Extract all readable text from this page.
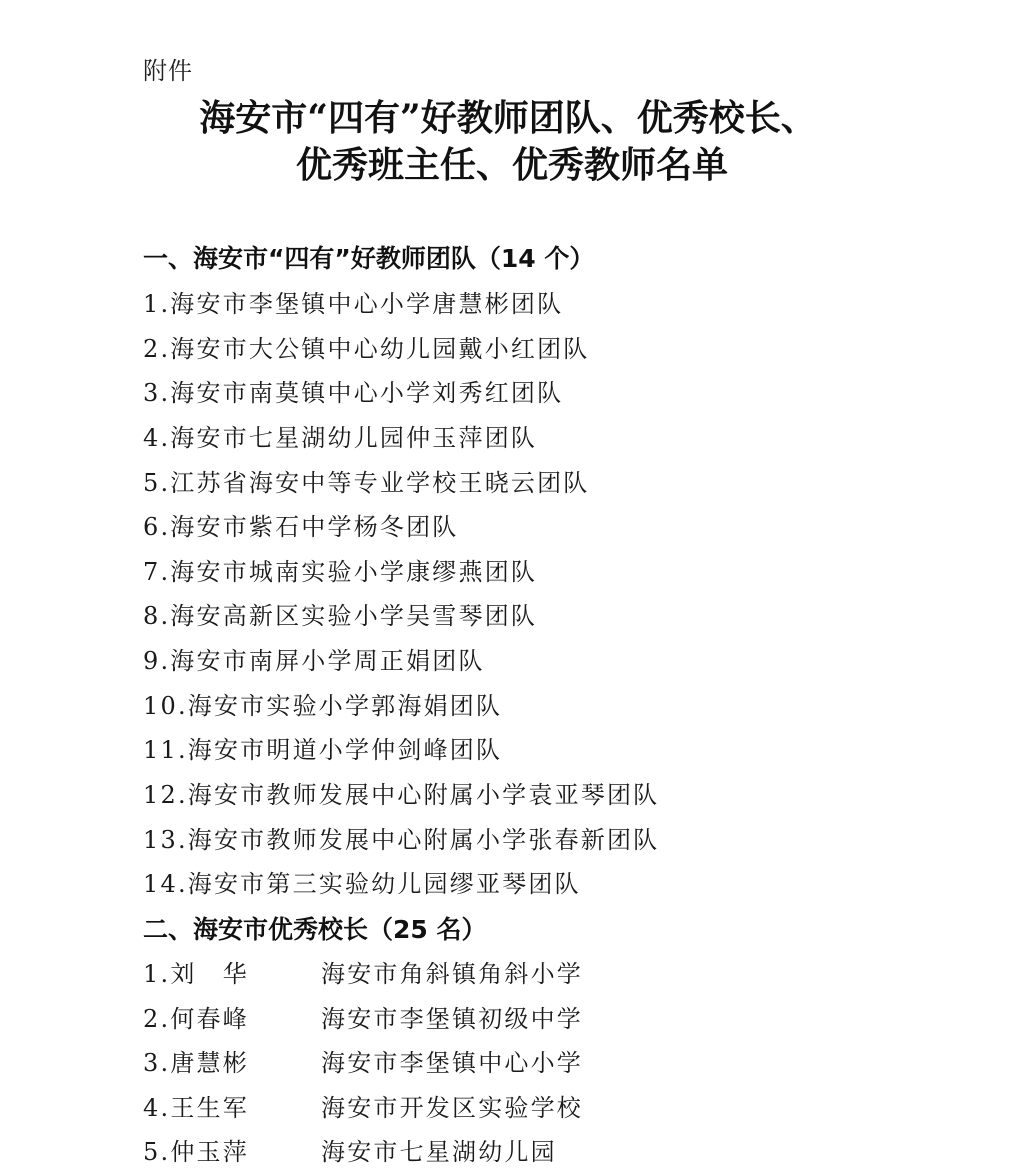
附件
海安市“四有”好教师团队、优秀校长、
优秀班主任、优秀教师名单
一、海安市“四有”好教师团队（14 个）
1.海安市李堡镇中心小学唐慧彬团队
2.海安市大公镇中心幼儿园戴小红团队
3.海安市南莫镇中心小学刘秀红团队
4.海安市七星湖幼儿园仲玉萍团队
5.江苏省海安中等专业学校王晓云团队
6.海安市紫石中学杨冬团队
7.海安市城南实验小学康缪燕团队
8.海安高新区实验小学吴雪琴团队
9.海安市南屏小学周正娟团队
10.海安市实验小学郭海娟团队
11.海安市明道小学仲剑峰团队
12.海安市教师发展中心附属小学袁亚琴团队
13.海安市教师发展中心附属小学张春新团队
14.海安市第三实验幼儿园缪亚琴团队
二、海安市优秀校长（25 名）
1.刘　华	海安市角斜镇角斜小学
2.何春峰	海安市李堡镇初级中学
3.唐慧彬	海安市李堡镇中心小学
4.王生军	海安市开发区实验学校
5.仲玉萍	海安市七星湖幼儿园
